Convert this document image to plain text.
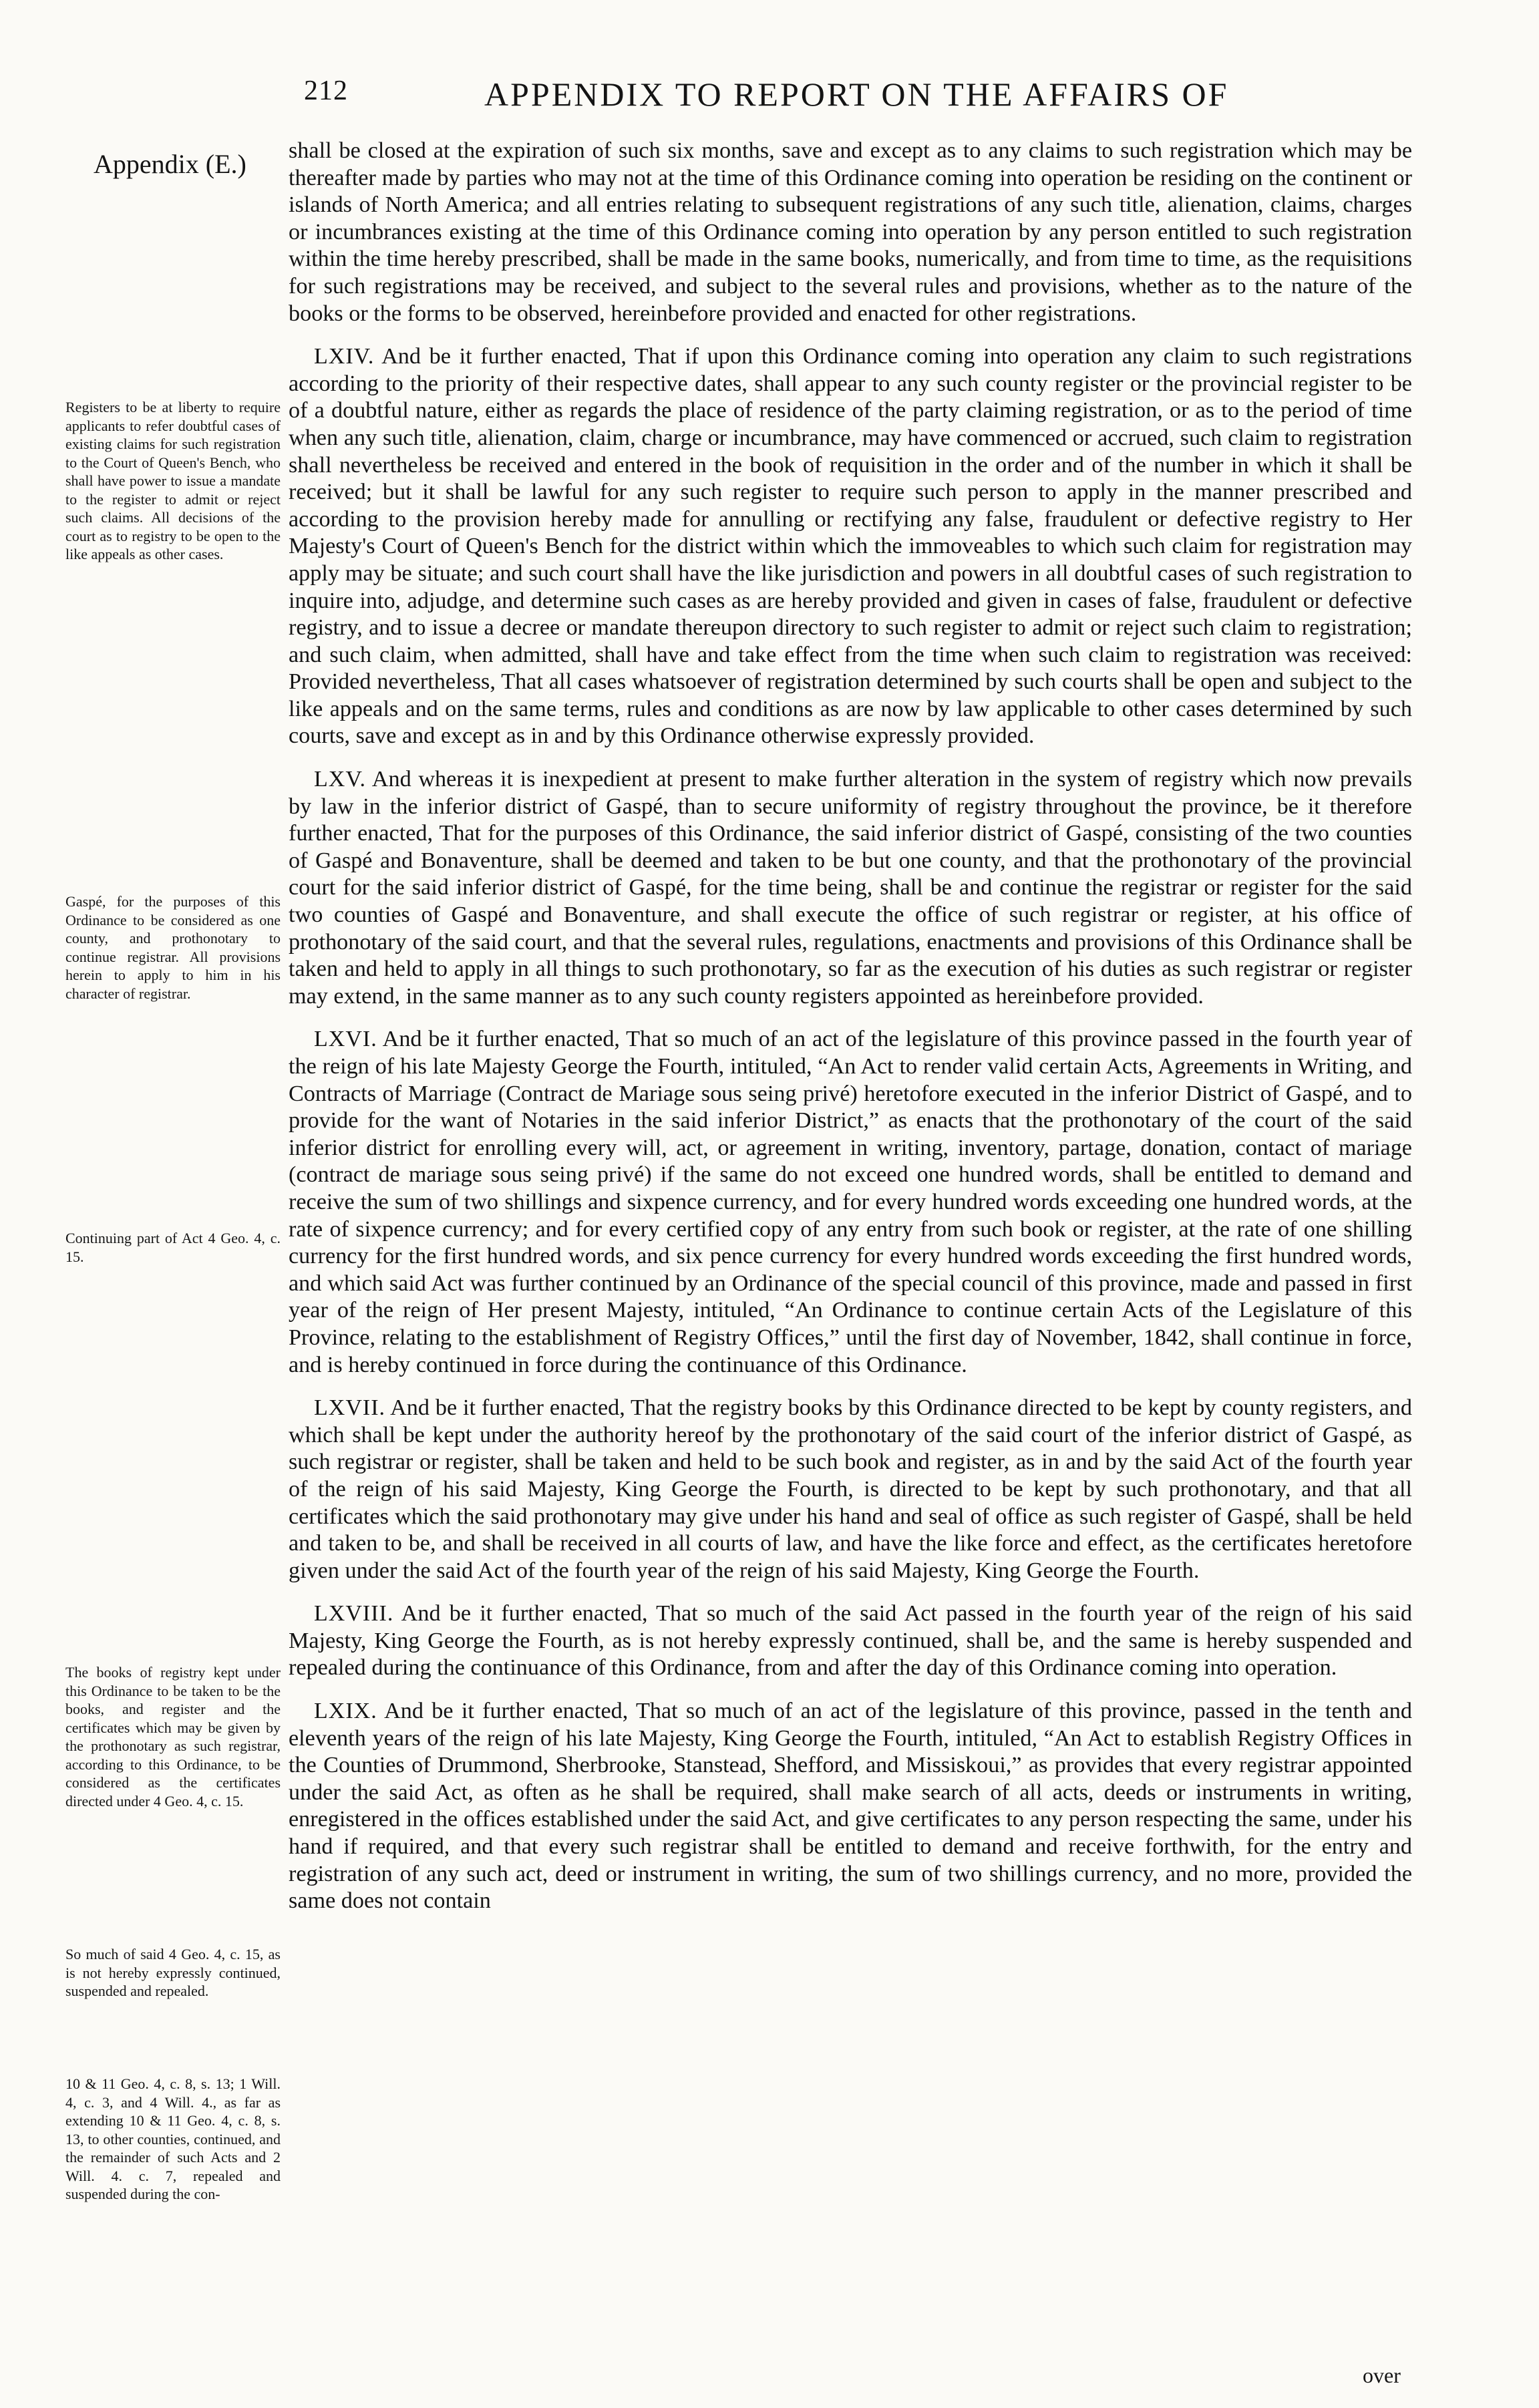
212	APPENDIX TO REPORT ON THE AFFAIRS OF
Appendix (E.)
Registers to be at liberty to require applicants to refer doubtful cases of existing claims for such registration to the Court of Queen's Bench, who shall have power to issue a mandate to the register to admit or reject such claims. All decisions of the court as to registry to be open to the like appeals as other cases.
Gaspé, for the purposes of this Ordinance to be considered as one county, and prothonotary to continue registrar. All provisions herein to apply to him in his character of registrar.
Continuing part of Act 4 Geo. 4, c. 15.
The books of registry kept under this Ordinance to be taken to be the books, and register and the certificates which may be given by the prothonotary as such registrar, according to this Ordinance, to be considered as the certificates directed under 4 Geo. 4, c. 15.
So much of said 4 Geo. 4, c. 15, as is not hereby expressly continued, suspended and repealed.
10 & 11 Geo. 4, c. 8, s. 13; 1 Will. 4, c. 3, and 4 Will. 4., as far as extending 10 & 11 Geo. 4, c. 8, s. 13, to other counties, continued, and the remainder of such Acts and 2 Will. 4. c. 7, repealed and suspended during the con-

shall be closed at the expiration of such six months, save and except as to any claims to such registration which may be thereafter made by parties who may not at the time of this Ordinance coming into operation be residing on the continent or islands of North America; and all entries relating to subsequent registrations of any such title, alienation, claims, charges or incumbrances existing at the time of this Ordinance coming into operation by any person entitled to such registration within the time hereby prescribed, shall be made in the same books, numerically, and from time to time, as the requisitions for such registrations may be received, and subject to the several rules and provisions, whether as to the nature of the books or the forms to be observed, hereinbefore provided and enacted for other registrations.

LXIV. And be it further enacted, That if upon this Ordinance coming into operation any claim to such registrations according to the priority of their respective dates, shall appear to any such county register or the provincial register to be of a doubtful nature, either as regards the place of residence of the party claiming registration, or as to the period of time when any such title, alienation, claim, charge or incumbrance, may have commenced or accrued, such claim to registration shall nevertheless be received and entered in the book of requisition in the order and of the number in which it shall be received; but it shall be lawful for any such register to require such person to apply in the manner prescribed and according to the provision hereby made for annulling or rectifying any false, fraudulent or defective registry to Her Majesty's Court of Queen's Bench for the district within which the immoveables to which such claim for registration may apply may be situate; and such court shall have the like jurisdiction and powers in all doubtful cases of such registration to inquire into, adjudge, and determine such cases as are hereby provided and given in cases of false, fraudulent or defective registry, and to issue a decree or mandate thereupon directory to such register to admit or reject such claim to registration; and such claim, when admitted, shall have and take effect from the time when such claim to registration was received: Provided nevertheless, That all cases whatsoever of registration determined by such courts shall be open and subject to the like appeals and on the same terms, rules and conditions as are now by law applicable to other cases determined by such courts, save and except as in and by this Ordinance otherwise expressly provided.

LXV. And whereas it is inexpedient at present to make further alteration in the system of registry which now prevails by law in the inferior district of Gaspé, than to secure uniformity of registry throughout the province, be it therefore further enacted, That for the purposes of this Ordinance, the said inferior district of Gaspé, consisting of the two counties of Gaspé and Bonaventure, shall be deemed and taken to be but one county, and that the prothonotary of the provincial court for the said inferior district of Gaspé, for the time being, shall be and continue the registrar or register for the said two counties of Gaspé and Bonaventure, and shall execute the office of such registrar or register, at his office of prothonotary of the said court, and that the several rules, regulations, enactments and provisions of this Ordinance shall be taken and held to apply in all things to such prothonotary, so far as the execution of his duties as such registrar or register may extend, in the same manner as to any such county registers appointed as hereinbefore provided.

LXVI. And be it further enacted, That so much of an act of the legislature of this province passed in the fourth year of the reign of his late Majesty George the Fourth, intituled, “An Act to render valid certain Acts, Agreements in Writing, and Contracts of Marriage (Contract de Mariage sous seing privé) heretofore executed in the inferior District of Gaspé, and to provide for the want of Notaries in the said inferior District,” as enacts that the prothonotary of the court of the said inferior district for enrolling every will, act, or agreement in writing, inventory, partage, donation, contact of mariage (contract de mariage sous seing privé) if the same do not exceed one hundred words, shall be entitled to demand and receive the sum of two shillings and sixpence currency, and for every hundred words exceeding one hundred words, at the rate of sixpence currency; and for every certified copy of any entry from such book or register, at the rate of one shilling currency for the first hundred words, and six pence currency for every hundred words exceeding the first hundred words, and which said Act was further continued by an Ordinance of the special council of this province, made and passed in first year of the reign of Her present Majesty, intituled, “An Ordinance to continue certain Acts of the Legislature of this Province, relating to the establishment of Registry Offices,” until the first day of November, 1842, shall continue in force, and is hereby continued in force during the continuance of this Ordinance.

LXVII. And be it further enacted, That the registry books by this Ordinance directed to be kept by county registers, and which shall be kept under the authority hereof by the prothonotary of the said court of the inferior district of Gaspé, as such registrar or register, shall be taken and held to be such book and register, as in and by the said Act of the fourth year of the reign of his said Majesty, King George the Fourth, is directed to be kept by such prothonotary, and that all certificates which the said prothonotary may give under his hand and seal of office as such register of Gaspé, shall be held and taken to be, and shall be received in all courts of law, and have the like force and effect, as the certificates heretofore given under the said Act of the fourth year of the reign of his said Majesty, King George the Fourth.

LXVIII. And be it further enacted, That so much of the said Act passed in the fourth year of the reign of his said Majesty, King George the Fourth, as is not hereby expressly continued, shall be, and the same is hereby suspended and repealed during the continuance of this Ordinance, from and after the day of this Ordinance coming into operation.

LXIX. And be it further enacted, That so much of an act of the legislature of this province, passed in the tenth and eleventh years of the reign of his late Majesty, King George the Fourth, intituled, “An Act to establish Registry Offices in the Counties of Drummond, Sherbrooke, Stanstead, Shefford, and Missiskoui,” as provides that every registrar appointed under the said Act, as often as he shall be required, shall make search of all acts, deeds or instruments in writing, enregistered in the offices established under the said Act, and give certificates to any person respecting the same, under his hand if required, and that every such registrar shall be entitled to demand and receive forthwith, for the entry and registration of any such act, deed or instrument in writing, the sum of two shillings currency, and no more, provided the same does not contain

over
